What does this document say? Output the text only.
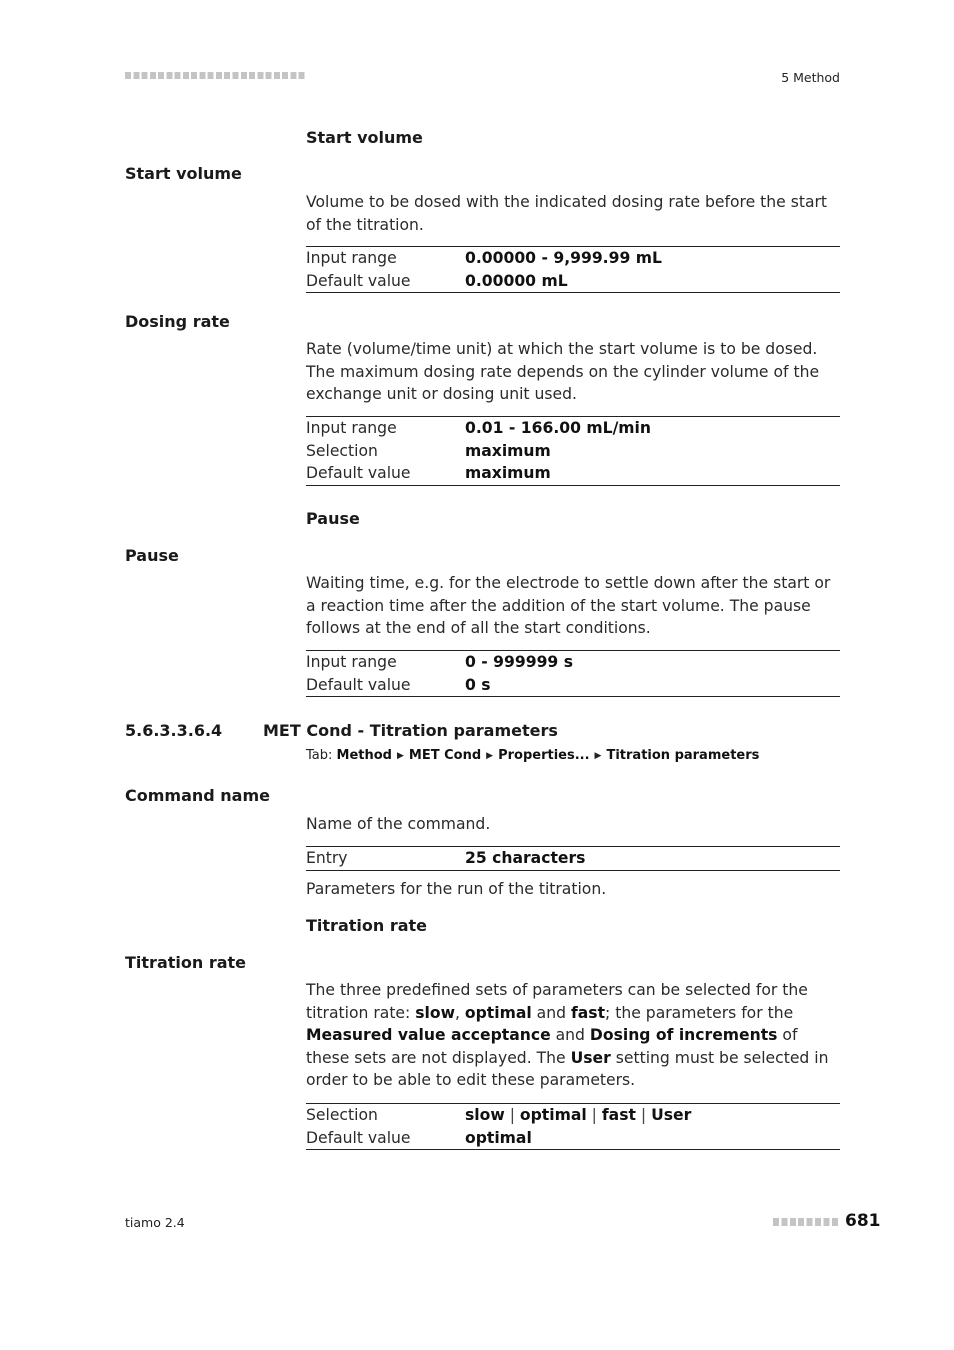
5 Method
Start volume
Start volume
Volume to be dosed with the indicated dosing rate before the start of the titration.
Input range	0.00000 - 9,999.99 mL
Default value	0.00000 mL
Dosing rate
Rate (volume/time unit) at which the start volume is to be dosed. The maximum dosing rate depends on the cylinder volume of the exchange unit or dosing unit used.
Input range	0.01 - 166.00 mL/min
Selection	maximum
Default value	maximum
Pause
Pause
Waiting time, e.g. for the electrode to settle down after the start or a reaction time after the addition of the start volume. The pause follows at the end of all the start conditions.
Input range	0 - 999999 s
Default value	0 s
5.6.3.3.6.4	MET Cond - Titration parameters
Tab: Method ▶ MET Cond ▶ Properties... ▶ Titration parameters
Command name
Name of the command.
Entry	25 characters
Parameters for the run of the titration.
Titration rate
Titration rate
The three predefined sets of parameters can be selected for the titration rate: slow, optimal and fast; the parameters for the Measured value acceptance and Dosing of increments of these sets are not displayed. The User setting must be selected in order to be able to edit these parameters.
Selection	slow | optimal | fast | User
Default value	optimal
tiamo 2.4	681
